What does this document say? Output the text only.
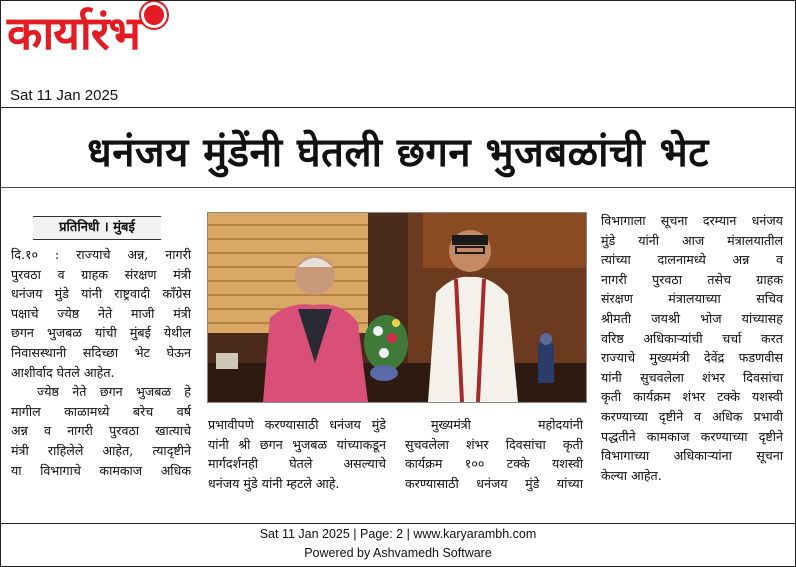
कार्यारंभ
Sat 11 Jan 2025
धनंजय मुंडेंनी घेतली छगन भुजबळांची भेट
प्रतिनिधी । मुंबई
दि.१० : राज्याचे अन्न, नागरी
पुरवठा व ग्राहक संरक्षण मंत्री
धनंजय मुंडे यांनी राष्ट्रवादी काँग्रेस
पक्षाचे ज्येष्ठ नेते माजी मंत्री
छगन भुजबळ यांची मुंबई येथील
निवासस्थानी सदिच्छा भेट घेऊन
आशीर्वाद घेतले आहेत.
ज्येष्ठ नेते छगन भुजबळ हे
मागील काळामध्ये बरेच वर्ष
अन्न व नागरी पुरवठा खात्याचे
मंत्री राहिलेले आहेत, त्यादृष्टीने
या विभागाचे कामकाज अधिक
प्रभावीपणे करण्यासाठी धनंजय मुंडे
यांनी श्री छगन भुजबळ यांच्याकडून
मार्गदर्शनही घेतले असल्याचे
धनंजय मुंडे यांनी म्हटले आहे.
मुख्यमंत्री महोदयांनी
सुचवलेला शंभर दिवसांचा कृती
कार्यक्रम १०० टक्के यशस्वी
करण्यासाठी धनंजय मुंडे यांच्या
विभागाला सूचना दरम्यान धनंजय
मुंडे यांनी आज मंत्रालयातील
त्यांच्या दालनामध्ये अन्न व
नागरी पुरवठा तसेच ग्राहक
संरक्षण मंत्रालयाच्या सचिव
श्रीमती जयश्री भोज यांच्यासह
वरिष्ठ अधिकाऱ्यांची चर्चा करत
राज्याचे मुख्यमंत्री देवेंद्र फडणवीस
यांनी सुचवलेला शंभर दिवसांचा
कृती कार्यक्रम शंभर टक्के यशस्वी
करण्याच्या दृष्टीने व अधिक प्रभावी
पद्धतीने कामकाज करण्याच्या दृष्टीने
विभागाच्या अधिकाऱ्यांना सूचना
केल्या आहेत.
Sat 11 Jan 2025 | Page: 2 | www.karyarambh.com
Powered by Ashvamedh Software
